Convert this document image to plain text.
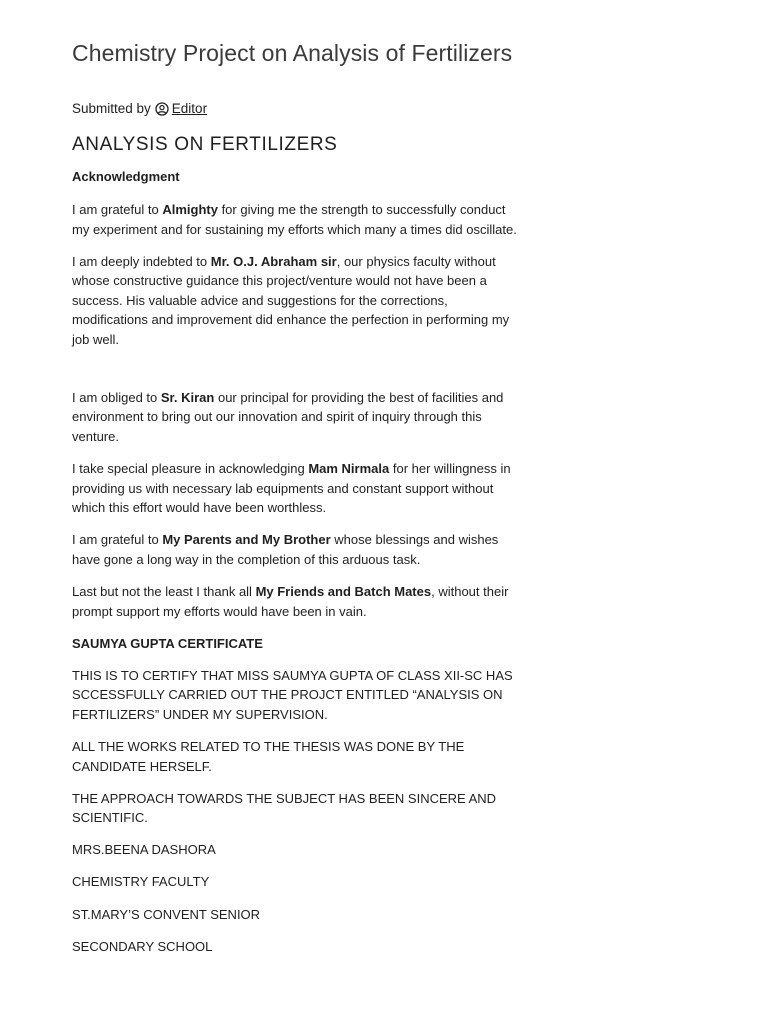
Chemistry Project on Analysis of Fertilizers
Submitted by Editor
ANALYSIS ON FERTILIZERS
Acknowledgment

I am grateful to Almighty for giving me the strength to successfully conduct my experiment and for sustaining my efforts which many a times did oscillate.

I am deeply indebted to Mr. O.J. Abraham sir, our physics faculty without whose constructive guidance this project/venture would not have been a success. His valuable advice and suggestions for the corrections, modifications and improvement did enhance the perfection in performing my job well.

I am obliged to Sr. Kiran our principal for providing the best of facilities and environment to bring out our innovation and spirit of inquiry through this venture.

I take special pleasure in acknowledging Mam Nirmala for her willingness in providing us with necessary lab equipments and constant support without which this effort would have been worthless.

I am grateful to My Parents and My Brother whose blessings and wishes have gone a long way in the completion of this arduous task.

Last but not the least I thank all My Friends and Batch Mates, without their prompt support my efforts would have been in vain.

SAUMYA GUPTA CERTIFICATE

THIS IS TO CERTIFY THAT MISS SAUMYA GUPTA OF CLASS XII-SC HAS SCCESSFULLY CARRIED OUT THE PROJCT ENTITLED “ANALYSIS ON FERTILIZERS” UNDER MY SUPERVISION.

ALL THE WORKS RELATED TO THE THESIS WAS DONE BY THE CANDIDATE HERSELF.

THE APPROACH TOWARDS THE SUBJECT HAS BEEN SINCERE AND SCIENTIFIC.

MRS.BEENA DASHORA

CHEMISTRY FACULTY

ST.MARY’S CONVENT SENIOR

SECONDARY SCHOOL
